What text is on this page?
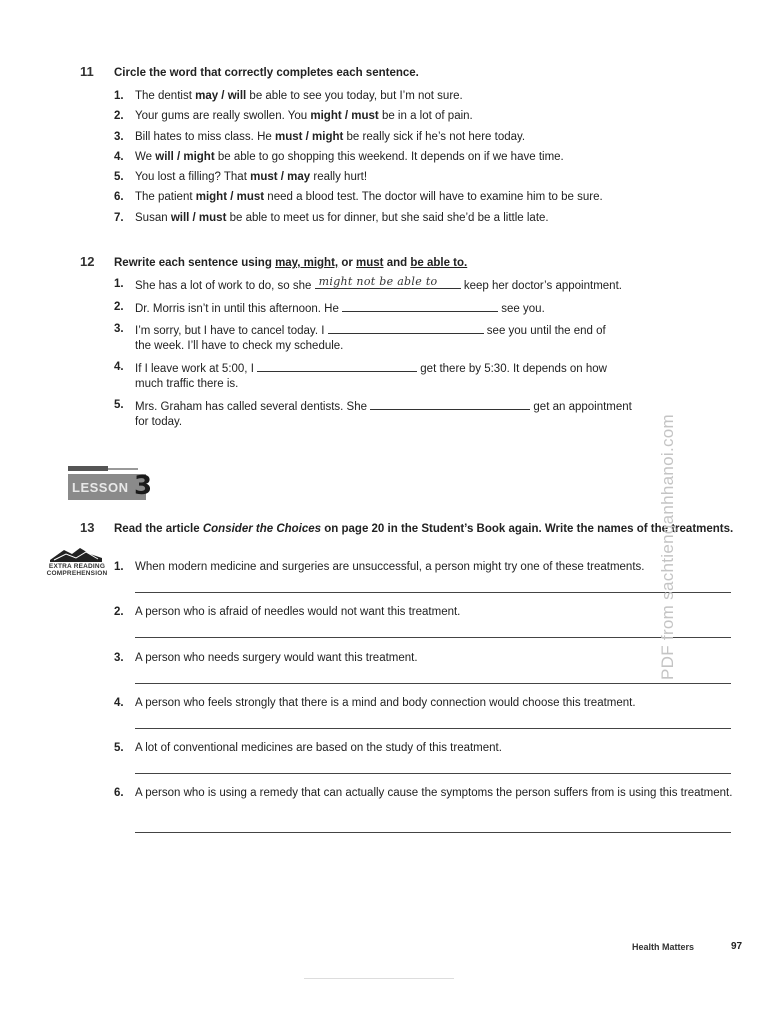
11 Circle the word that correctly completes each sentence.
1. The dentist may / will be able to see you today, but I’m not sure.
2. Your gums are really swollen. You might / must be in a lot of pain.
3. Bill hates to miss class. He must / might be really sick if he’s not here today.
4. We will / might be able to go shopping this weekend. It depends on if we have time.
5. You lost a filling? That must / may really hurt!
6. The patient might / must need a blood test. The doctor will have to examine him to be sure.
7. Susan will / must be able to meet us for dinner, but she said she’d be a little late.
12 Rewrite each sentence using may, might, or must and be able to.
1. She has a lot of work to do, so she might not be able to keep her doctor’s appointment.
2. Dr. Morris isn’t in until this afternoon. He	see you.
3. I’m sorry, but I have to cancel today. I	see you until the end of
the week. I’ll have to check my schedule.
4. If I leave work at 5:00, I	get there by 5:30. It depends on how
much traffic there is.
5. Mrs. Graham has called several dentists. She	get an appointment
for today.
LESSON 3
13 Read the article Consider the Choices on page 20 in the Student’s Book again. Write the names of the treatments.
EXTRA READING
COMPREHENSION
1. When modern medicine and surgeries are unsuccessful, a person might try one of these treatments.
2. A person who is afraid of needles would not want this treatment.
3. A person who needs surgery would want this treatment.
4. A person who feels strongly that there is a mind and body connection would choose this treatment.
5. A lot of conventional medicines are based on the study of this treatment.
6. A person who is using a remedy that can actually cause the symptoms the person suffers from is using this treatment.
PDF from sachtienganhhanoi.com
Health Matters	97
